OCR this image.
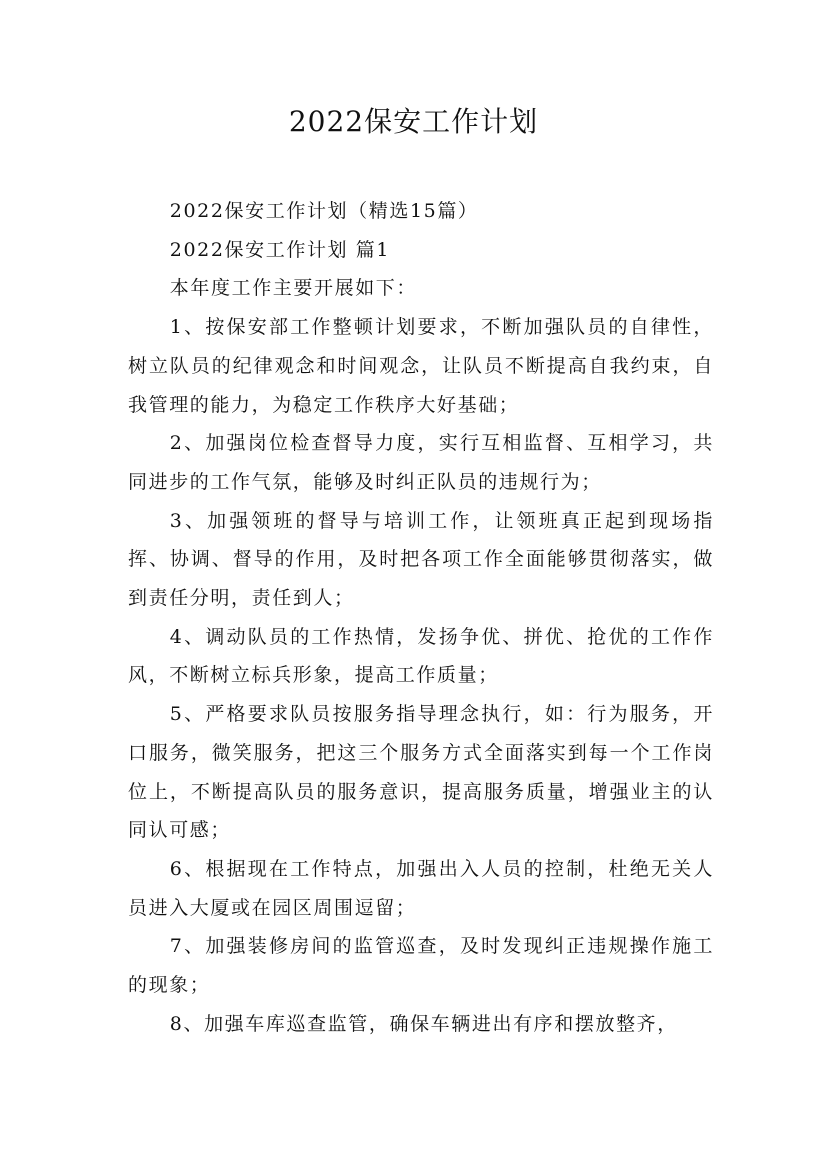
2022保安工作计划

2022保安工作计划（精选15篇）

2022保安工作计划 篇1

本年度工作主要开展如下：

1、按保安部工作整顿计划要求，不断加强队员的自律性，树立队员的纪律观念和时间观念，让队员不断提高自我约束，自我管理的能力，为稳定工作秩序大好基础；

2、加强岗位检查督导力度，实行互相监督、互相学习，共同进步的工作气氛，能够及时纠正队员的违规行为；

3、加强领班的督导与培训工作，让领班真正起到现场指挥、协调、督导的作用，及时把各项工作全面能够贯彻落实，做到责任分明，责任到人；

4、调动队员的工作热情，发扬争优、拼优、抢优的工作作风，不断树立标兵形象，提高工作质量；

5、严格要求队员按服务指导理念执行，如：行为服务，开口服务，微笑服务，把这三个服务方式全面落实到每一个工作岗位上，不断提高队员的服务意识，提高服务质量，增强业主的认同认可感；

6、根据现在工作特点，加强出入人员的控制，杜绝无关人员进入大厦或在园区周围逗留；

7、加强装修房间的监管巡查，及时发现纠正违规操作施工的现象；

8、加强车库巡查监管，确保车辆进出有序和摆放整齐，
